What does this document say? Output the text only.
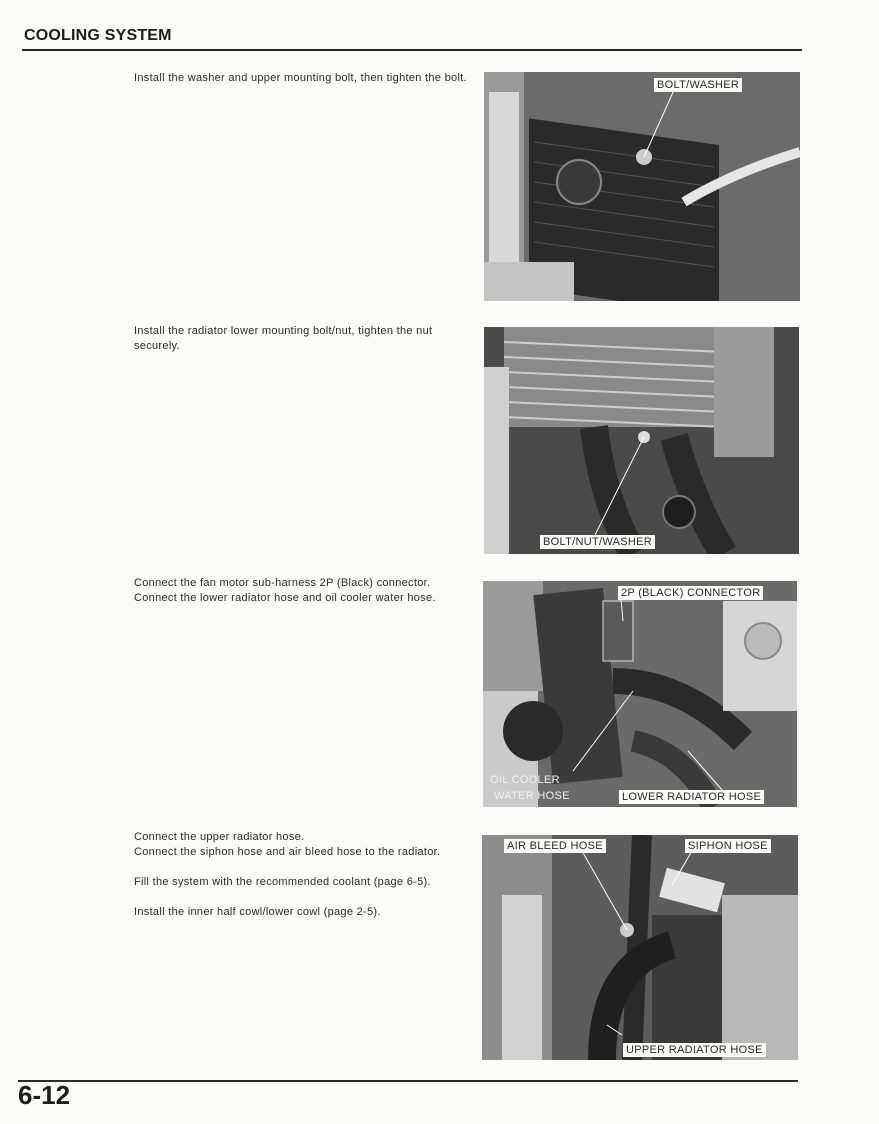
COOLING SYSTEM

Install the washer and upper mounting bolt, then tighten the bolt.

BOLT/WASHER

Install the radiator lower mounting bolt/nut, tighten the nut securely.

BOLT/NUT/WASHER

Connect the fan motor sub-harness 2P (Black) connector.

Connect the lower radiator hose and oil cooler water hose.	2P (BLACK) CONNECTOR
OIL COOLER
WATER HOSE	LOWER RADIATOR HOSE

Connect the upper radiator hose.

Connect the siphon hose and air bleed hose to the radiator.

Fill the system with the recommended coolant (page 6-5).

Install the inner half cowl/lower cowl (page 2-5).

AIR BLEED HOSE	SIPHON HOSE
UPPER RADIATOR HOSE
6-12
